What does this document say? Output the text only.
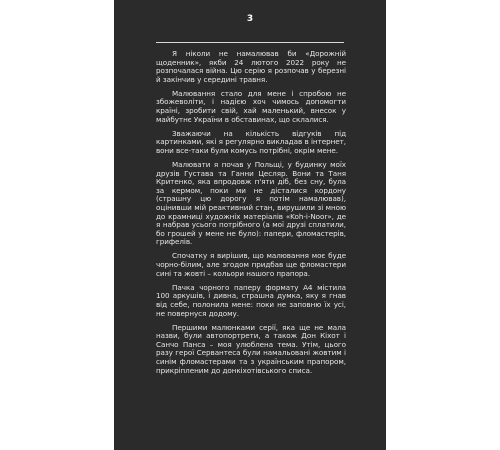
3

Я ніколи не намалював би «Дорожній щоденник», якби 24 лютого 2022 року не розпочалася війна. Цю серію я розпочав у березні й закінчив у середині травня.

Малювання стало для мене і спробою не збожеволіти, і надією хоч чимось допомогти країні, зробити свій, хай маленький, внесок у майбутнє України в обставинах, що склалися.

Зважаючи на кількість відгуків під картинками, які я регулярно викладав в інтернет, вони все-таки були комусь потрібні, окрім мене.

Малювати я почав у Польщі, у будинку моїх друзів Густава та Ганни Цесляр. Вони та Таня Критенко, яка впродовж п'яти діб, без сну, була за кермом, поки ми не дісталися кордону (страшну цю дорогу я потім намалював), оцінивши мій реактивний стан, вирушили зі мною до крамниці художніх матеріалів «Koh-i-Noor», де я набрав усього потрібного (а мої друзі сплатили, бо грошей у мене не було): папери, фломастерів, грифелів.

Спочатку я вирішив, що малювання моє буде чорно-білим, але згодом придбав ще фломастери сині та жовті – кольори нашого прапора.

Пачка чорного паперу формату А4 містила 100 аркушів, і дивна, страшна думка, яку я гнав від себе, полонила мене: поки не заповню їх усі, не повернуся додому.

Першими малюнками серії, яка ще не мала назви, були автопортрети, а також Дон Кіхот і Санчо Панса – моя улюблена тема. Утім, цього разу герої Сервантеса були намальовані жовтим і синім фломастерами та з українським прапором, прикріпленим до донкіхотівського списа.
